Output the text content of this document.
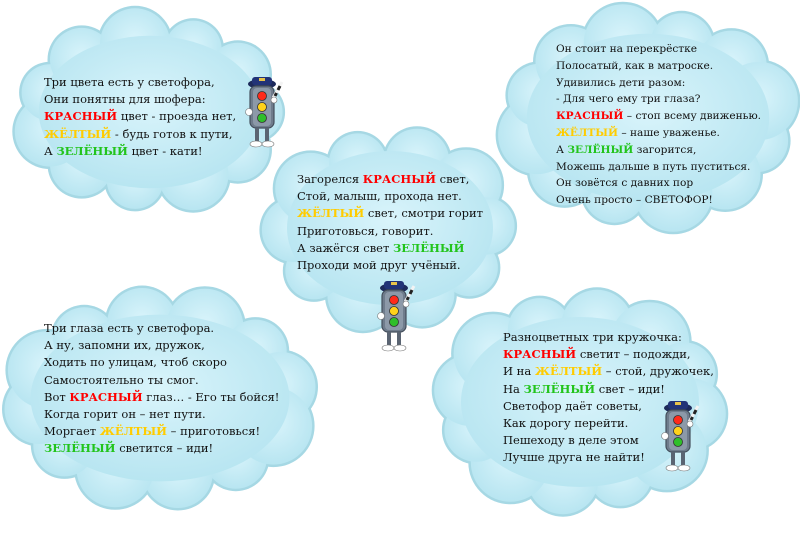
Три цвета есть у светофора,
Они понятны для шофера:
КРАСНЫЙ цвет - проезда нет,
ЖЁЛТЫЙ - будь готов к пути,
А ЗЕЛЁНЫЙ цвет - кати!
Он стоит на перекрёстке
Полосатый, как в матроске.
Удивились дети разом:
- Для чего ему три глаза?
КРАСНЫЙ – стоп всему движенью.
ЖЁЛТЫЙ – наше уваженье.
А ЗЕЛЁНЫЙ загорится,
Можешь дальше в путь пуститься.
Он зовётся с давних пор
Очень просто – СВЕТОФОР!
Загорелся КРАСНЫЙ свет,
Стой, малыш, прохода нет.
ЖЁЛТЫЙ свет, смотри горит
Приготовься, говорит.
А зажёгся свет ЗЕЛЁНЫЙ
Проходи мой друг учёный.
Три глаза есть у светофора.
А ну, запомни их, дружок,
Ходить по улицам, чтоб скоро
Самостоятельно ты смог.
Вот КРАСНЫЙ глаз… - Его ты бойся!
Когда горит он – нет пути.
Моргает ЖЁЛТЫЙ – приготовься!
ЗЕЛЁНЫЙ светится – иди!
Разноцветных три кружочка:
КРАСНЫЙ светит – подожди,
И на ЖЁЛТЫЙ – стой, дружочек,
На ЗЕЛЁНЫЙ свет – иди!
Светофор даёт советы,
Как дорогу перейти.
Пешеходу в деле этом
Лучше друга не найти!
